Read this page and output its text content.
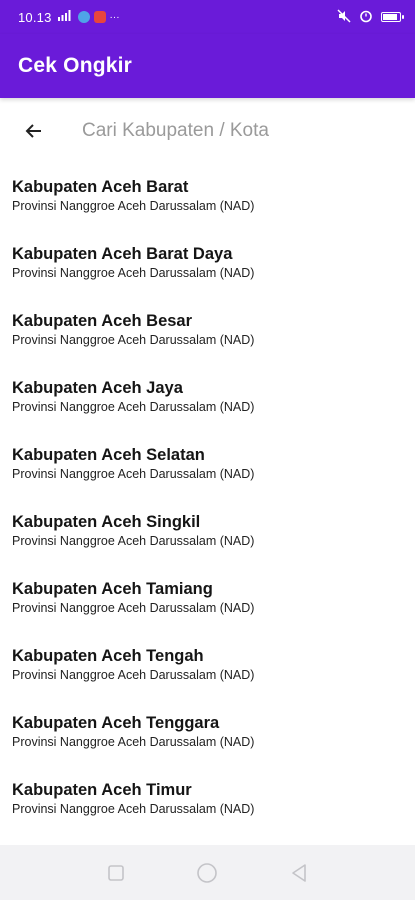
10.13	···
Cek Ongkir
Cari Kabupaten / Kota
Kabupaten Aceh Barat
Provinsi Nanggroe Aceh Darussalam (NAD)
Kabupaten Aceh Barat Daya
Provinsi Nanggroe Aceh Darussalam (NAD)
Kabupaten Aceh Besar
Provinsi Nanggroe Aceh Darussalam (NAD)
Kabupaten Aceh Jaya
Provinsi Nanggroe Aceh Darussalam (NAD)
Kabupaten Aceh Selatan
Provinsi Nanggroe Aceh Darussalam (NAD)
Kabupaten Aceh Singkil
Provinsi Nanggroe Aceh Darussalam (NAD)
Kabupaten Aceh Tamiang
Provinsi Nanggroe Aceh Darussalam (NAD)
Kabupaten Aceh Tengah
Provinsi Nanggroe Aceh Darussalam (NAD)
Kabupaten Aceh Tenggara
Provinsi Nanggroe Aceh Darussalam (NAD)
Kabupaten Aceh Timur
Provinsi Nanggroe Aceh Darussalam (NAD)
